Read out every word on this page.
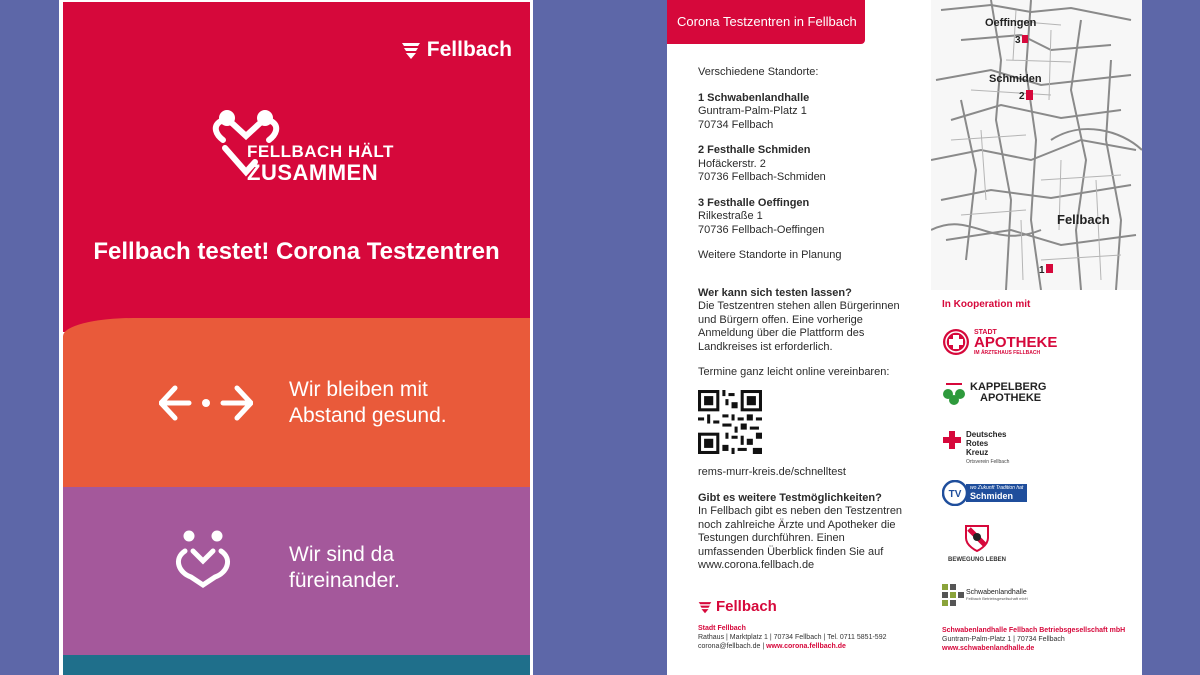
Fellbach
FELLBACH HÄLT
ZUSAMMEN
Fellbach testet! Corona Testzentren
Wir bleiben mit
Abstand gesund.
Wir sind da
füreinander.
Corona Testzentren in Fellbach	Oeffingen
Schmiden
Fellbach
3
2
1

Verschiedene Standorte:

1 Schwabenlandhalle

Guntram-Palm-Platz 1

70734 Fellbach

2 Festhalle Schmiden

Hofäckerstr. 2

70736 Fellbach-Schmiden

3 Festhalle Oeffingen

Rilkestraße 1

70736 Fellbach-Oeffingen

Weitere Standorte in Planung

Wer kann sich testen lassen?

Die Testzentren stehen allen Bürgerinnen

und Bürgern offen. Eine vorherige

Anmeldung über die Plattform des

Landkreises ist erforderlich.

Termine ganz leicht online vereinbaren:

rems-murr-kreis.de/schnelltest

Gibt es weitere Testmöglichkeiten?

In Fellbach gibt es neben den Testzentren

noch zahlreiche Ärzte und Apotheker die

Testungen durchführen. Einen

umfassenden Überblick finden Sie auf

www.corona.fellbach.de

In Kooperation mit
STADT
APOTHEKE
IM ÄRZTEHAUS FELLBACH
KAPPELBERG
APOTHEKE
Deutsches
Rotes
Kreuz
Ortsverein Fellbach
TV
wo Zukunft Tradition hat
Schmiden
BEWEGUNG LEBEN
Schwabenlandhalle
Fellbach Betriebsgesellschaft mbH
Fellbach
Stadt Fellbach
Rathaus | Marktplatz 1 | 70734 Fellbach | Tel. 0711 5851-592
corona@fellbach.de | www.corona.fellbach.de
Schwabenlandhalle Fellbach Betriebsgesellschaft mbH
Guntram-Palm-Platz 1 | 70734 Fellbach
www.schwabenlandhalle.de
